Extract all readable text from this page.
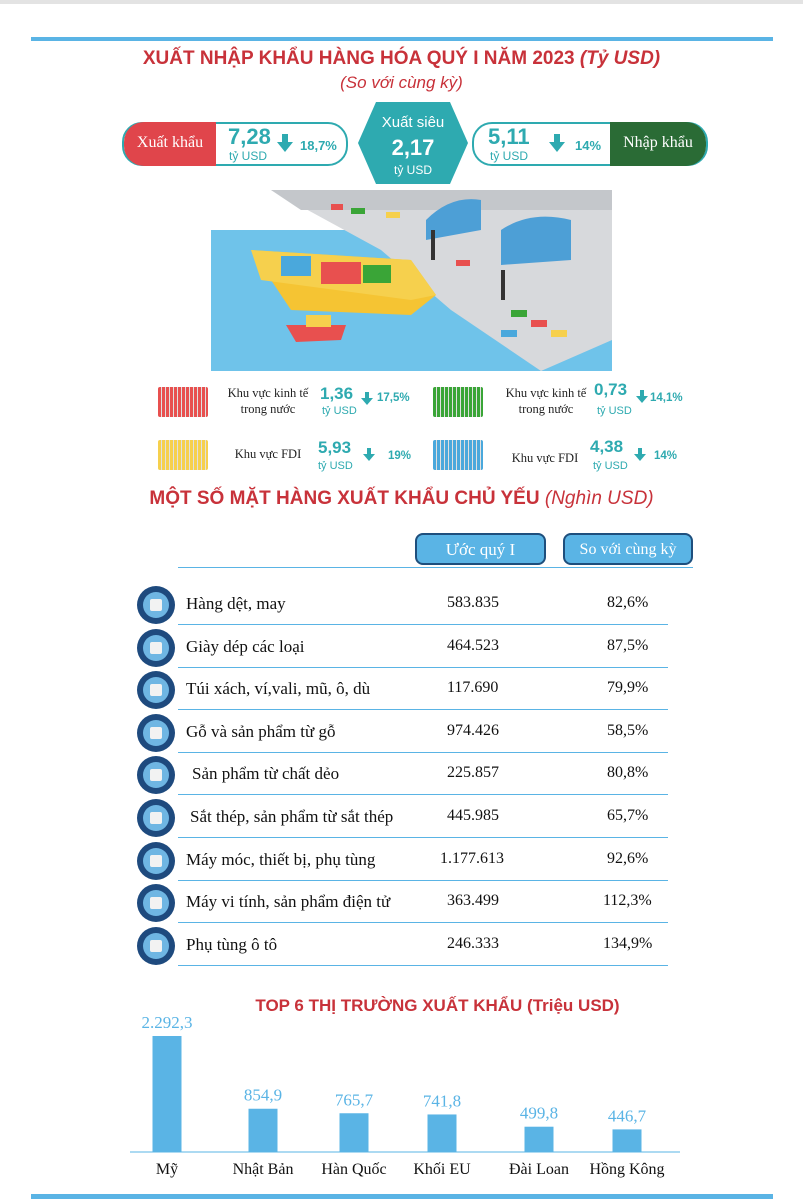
XUẤT NHẬP KHẨU HÀNG HÓA QUÝ I NĂM 2023 (Tỷ USD)
(So với cùng kỳ)
Xuất khẩu	7,28
tỷ USD
18,7%
Xuất siêu
2,17
tỷ USD
Nhập khẩu
5,11
tỷ USD
14%
Khu vực kinh tế
trong nước
1,36
tỷ USD
17,5%	Khu vực kinh tế
trong nước
0,73
tỷ USD
14,1%
Khu vực FDI 5,93
tỷ USD
19%	Khu vực FDI
4,38
tỷ USD
14%
MỘT SỐ MẶT HÀNG XUẤT KHẨU CHỦ YẾU (Nghìn USD)
Ước quý I	So với cùng kỳ
Hàng dệt, may	583.835	82,6%
Giày dép các loại	464.523	87,5%
Túi xách, ví,vali, mũ, ô, dù	117.690	79,9%
Gỗ và sản phẩm từ gỗ	974.426	58,5%
Sản phẩm từ chất dẻo	225.857	80,8%
Sắt thép, sản phẩm từ sắt thép	445.985	65,7%
Máy móc, thiết bị, phụ tùng	1.177.613	92,6%
Máy vi tính, sản phẩm điện tử	363.499	112,3%
Phụ tùng ô tô	246.333	134,9%
TOP 6 THỊ TRƯỜNG XUẤT KHẨU (Triệu USD)
2.292,3
Mỹ
854,9
Nhật Bản
765,7
Hàn Quốc
741,8
Khối EU
499,8
Đài Loan
446,7
Hồng Kông
